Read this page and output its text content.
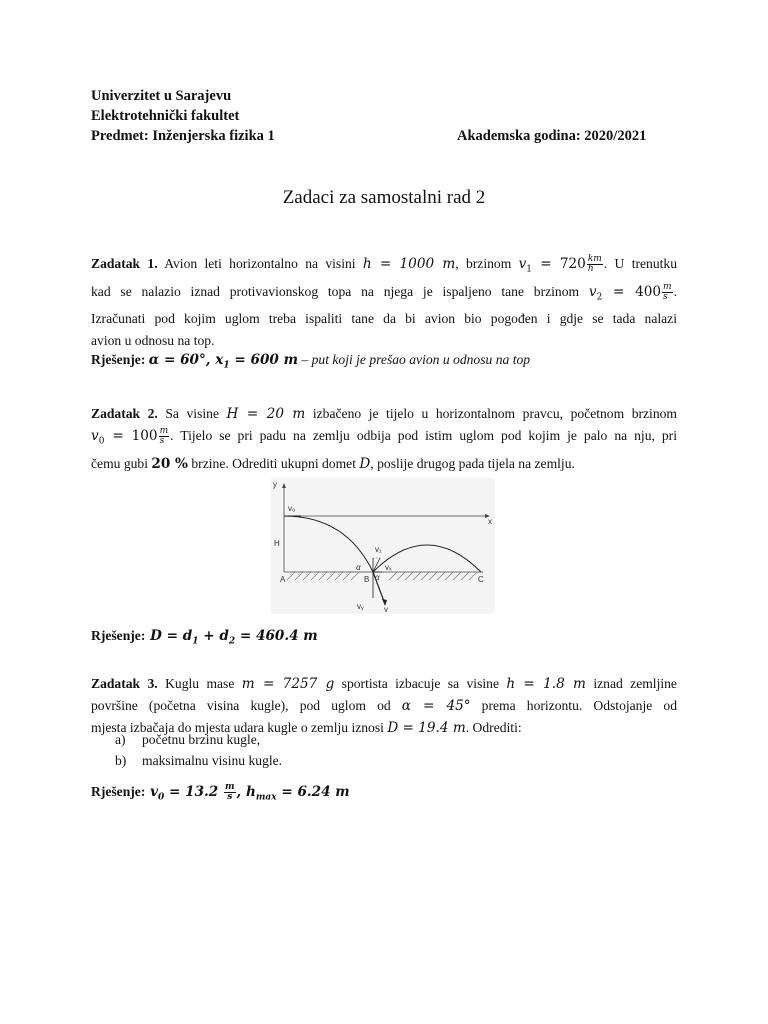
Univerzitet u Sarajevu
Elektrotehnički fakultet
Predmet: Inženjerska fizika 1	Akademska godina: 2020/2021
Zadaci za samostalni rad 2
Zadatak 1. Avion leti horizontalno na visini h = 1000 m, brzinom $v_1 = 720 \frac{km}{h}$ . U trenutku
kad se nalazio iznad protivavionskog topa na njega je ispaljeno tane brzinom $v_2 = 400 \frac{m}{s}$ .
Izračunati pod kojim uglom treba ispaliti tane da bi avion bio pogođen i gdje se tada nalazi
avion u odnosu na top.
Rješenje: α = 60°, $x_1 = 600$ m – put koji je prešao avion u odnosu na top
Zadatak 2. Sa visine H = 20 m izbačeno je tijelo u horizontalnom pravcu, početnom brzinom
$v_0 = 100 \frac{m}{s}$ . Tijelo se pri padu na zemlju odbija pod istim uglom pod kojim je palo na nju, pri
čemu gubi 20 % brzine. Odrediti ukupni domet D, poslije drugog pada tijela na zemlju.
y
x
H
v₀
v₁
vₓ
vᵧ	v
α
α
A	B	C
Rješenje: $D = d_1 + d_2 = 460.4$ m
Zadatak 3. Kuglu mase m = 7257 g sportista izbacuje sa visine h = 1.8 m iznad zemljine
površine (početna visina kugle), pod uglom od α = 45° prema horizontu. Odstojanje od
mjesta izbačaja do mjesta udara kugle o zemlju iznosi D = 19.4 m. Odrediti:
a) početnu brzinu kugle,
b) maksimalnu visinu kugle.
Rješenje: $v_0 = 13.2 \frac{m}{s}$ , $h_{max} = 6.24$ m
